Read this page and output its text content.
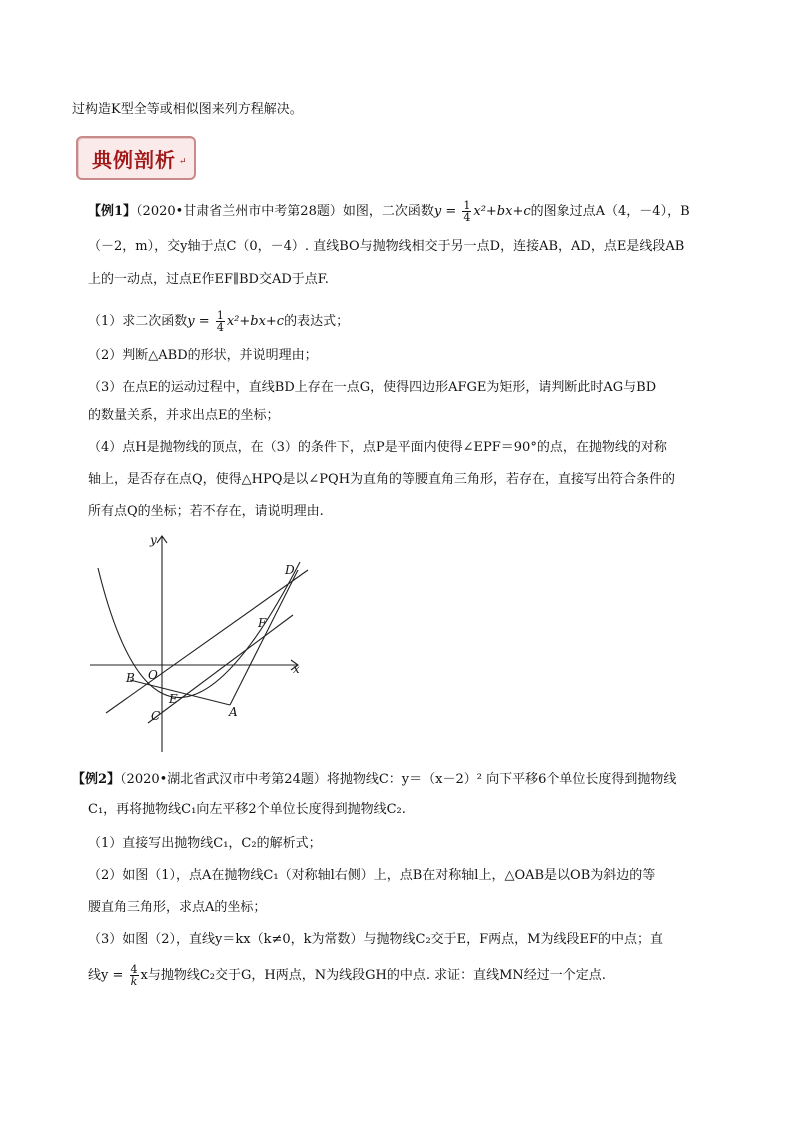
过构造K型全等或相似图来列方程解决。
典例剖析 ↵
【例1】（2020•甘肃省兰州市中考第28题）如图，二次函数$y = \frac{1}{4} x^2+bx+c$的图象过点A（4，－4），B
（－2，m），交y轴于点C（0，－4）. 直线BO与抛物线相交于另一点D，连接AB，AD，点E是线段AB
上的一动点，过点E作EF∥BD交AD于点F.
（1）求二次函数$y = \frac{1}{4} x^2+bx+c$的表达式；
（2）判断△ABD的形状，并说明理由；
（3）在点E的运动过程中，直线BD上存在一点G，使得四边形AFGE为矩形，请判断此时AG与BD
的数量关系，并求出点E的坐标；
（4）点H是抛物线的顶点，在（3）的条件下，点P是平面内使得∠EPF＝90°的点，在抛物线的对称
轴上，是否存在点Q，使得△HPQ是以∠PQH为直角的等腰直角三角形，若存在，直接写出符合条件的
所有点Q的坐标；若不存在，请说明理由.
y
x
O
B
C
E
A
F
D
【例2】（2020•湖北省武汉市中考第24题）将抛物线C：y＝（x－2）² 向下平移6个单位长度得到抛物线
C₁，再将抛物线C₁向左平移2个单位长度得到抛物线C₂.
（1）直接写出抛物线C₁，C₂的解析式；
（2）如图（1），点A在抛物线C₁（对称轴l右侧）上，点B在对称轴l上，△OAB是以OB为斜边的等
腰直角三角形，求点A的坐标；
（3）如图（2），直线y＝kx（k≠0，k为常数）与抛物线C₂交于E，F两点，M为线段EF的中点；直
线$y = \frac{4}{k}$ x与抛物线C₂交于G，H两点，N为线段GH的中点. 求证：直线MN经过一个定点.
